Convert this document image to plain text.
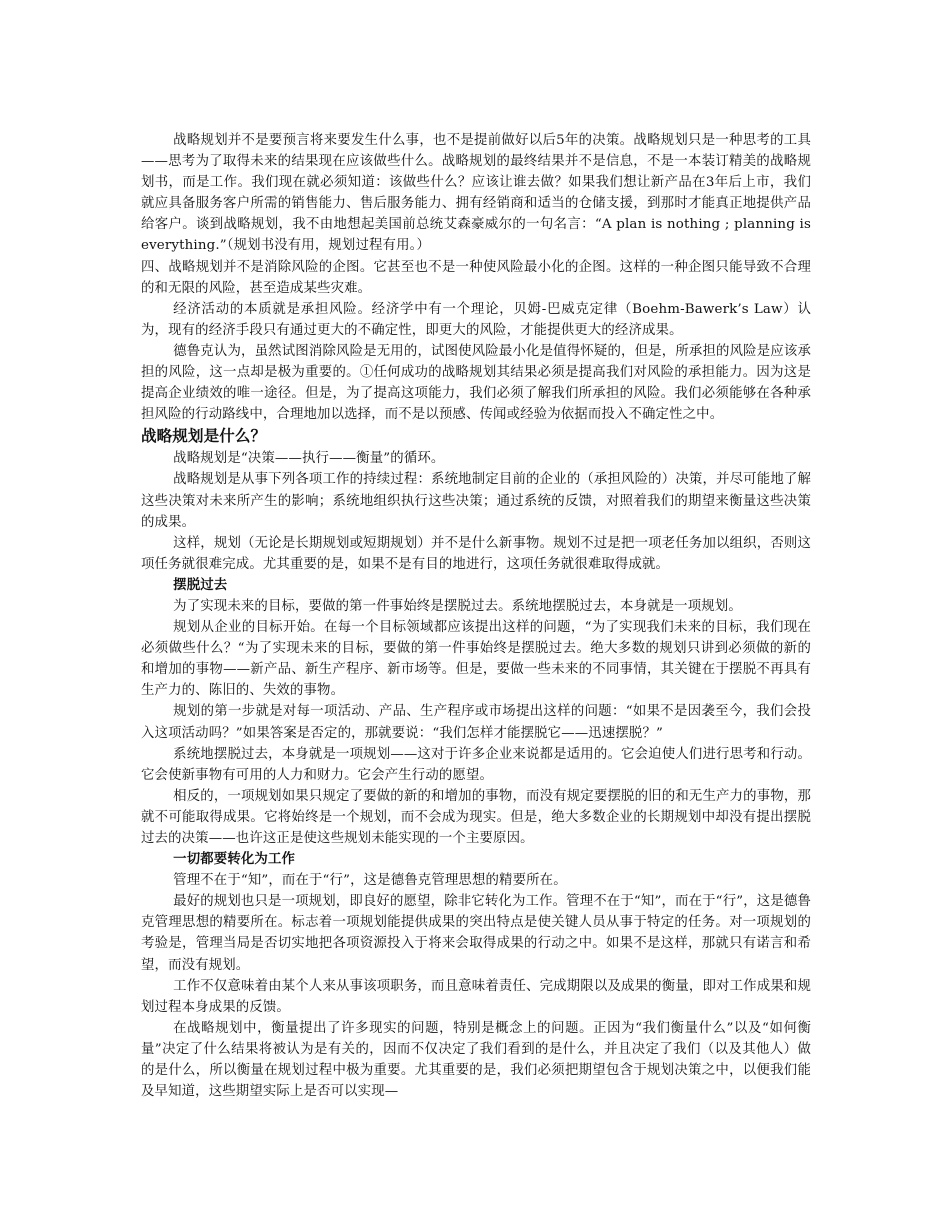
战略规划并不是要预言将来要发生什么事，也不是提前做好以后5年的决策。战略规划只是一种思考的工具——思考为了取得未来的结果现在应该做些什么。战略规划的最终结果并不是信息，不是一本装订精美的战略规划书，而是工作。我们现在就必须知道：该做些什么？应该让谁去做？如果我们想让新产品在3年后上市，我们就应具备服务客户所需的销售能力、售后服务能力、拥有经销商和适当的仓储支援，到那时才能真正地提供产品给客户。谈到战略规划，我不由地想起美国前总统艾森豪威尔的一句名言：“A plan is nothing ; planning is everything.”（规划书没有用，规划过程有用。）

四、战略规划并不是消除风险的企图。它甚至也不是一种使风险最小化的企图。这样的一种企图只能导致不合理的和无限的风险，甚至造成某些灾难。

经济活动的本质就是承担风险。经济学中有一个理论，贝姆-巴威克定律（Boehm-Bawerk’s Law）认为，现有的经济手段只有通过更大的不确定性，即更大的风险，才能提供更大的经济成果。

德鲁克认为，虽然试图消除风险是无用的，试图使风险最小化是值得怀疑的，但是，所承担的风险是应该承担的风险，这一点却是极为重要的。①任何成功的战略规划其结果必须是提高我们对风险的承担能力。因为这是提高企业绩效的唯一途径。但是，为了提高这项能力，我们必须了解我们所承担的风险。我们必须能够在各种承担风险的行动路线中，合理地加以选择，而不是以预感、传闻或经验为依据而投入不确定性之中。

战略规划是什么？

战略规划是“决策——执行——衡量”的循环。

战略规划是从事下列各项工作的持续过程：系统地制定目前的企业的（承担风险的）决策，并尽可能地了解这些决策对未来所产生的影响；系统地组织执行这些决策；通过系统的反馈，对照着我们的期望来衡量这些决策的成果。

这样，规划（无论是长期规划或短期规划）并不是什么新事物。规划不过是把一项老任务加以组织，否则这项任务就很难完成。尤其重要的是，如果不是有目的地进行，这项任务就很难取得成就。

摆脱过去

为了实现未来的目标，要做的第一件事始终是摆脱过去。系统地摆脱过去，本身就是一项规划。

规划从企业的目标开始。在每一个目标领域都应该提出这样的问题，“为了实现我们未来的目标，我们现在必须做些什么？“为了实现未来的目标，要做的第一件事始终是摆脱过去。绝大多数的规划只讲到必须做的新的和增加的事物——新产品、新生产程序、新市场等。但是，要做一些未来的不同事情，其关键在于摆脱不再具有生产力的、陈旧的、失效的事物。

规划的第一步就是对每一项活动、产品、生产程序或市场提出这样的问题：“如果不是因袭至今，我们会投入这项活动吗？”如果答案是否定的，那就要说：“我们怎样才能摆脱它——迅速摆脱？”

系统地摆脱过去，本身就是一项规划——这对于许多企业来说都是适用的。它会迫使人们进行思考和行动。它会使新事物有可用的人力和财力。它会产生行动的愿望。

相反的，一项规划如果只规定了要做的新的和增加的事物，而没有规定要摆脱的旧的和无生产力的事物，那就不可能取得成果。它将始终是一个规划，而不会成为现实。但是，绝大多数企业的长期规划中却没有提出摆脱过去的决策——也许这正是使这些规划未能实现的一个主要原因。

一切都要转化为工作

管理不在于“知”，而在于“行”，这是德鲁克管理思想的精要所在。

最好的规划也只是一项规划，即良好的愿望，除非它转化为工作。管理不在于“知”，而在于“行”，这是德鲁克管理思想的精要所在。标志着一项规划能提供成果的突出特点是使关键人员从事于特定的任务。对一项规划的考验是，管理当局是否切实地把各项资源投入于将来会取得成果的行动之中。如果不是这样，那就只有诺言和希望，而没有规划。

工作不仅意味着由某个人来从事该项职务，而且意味着责任、完成期限以及成果的衡量，即对工作成果和规划过程本身成果的反馈。

在战略规划中，衡量提出了许多现实的问题，特别是概念上的问题。正因为“我们衡量什么”以及“如何衡量”决定了什么结果将被认为是有关的，因而不仅决定了我们看到的是什么，并且决定了我们（以及其他人）做的是什么，所以衡量在规划过程中极为重要。尤其重要的是，我们必须把期望包含于规划决策之中，以便我们能及早知道，这些期望实际上是否可以实现—
